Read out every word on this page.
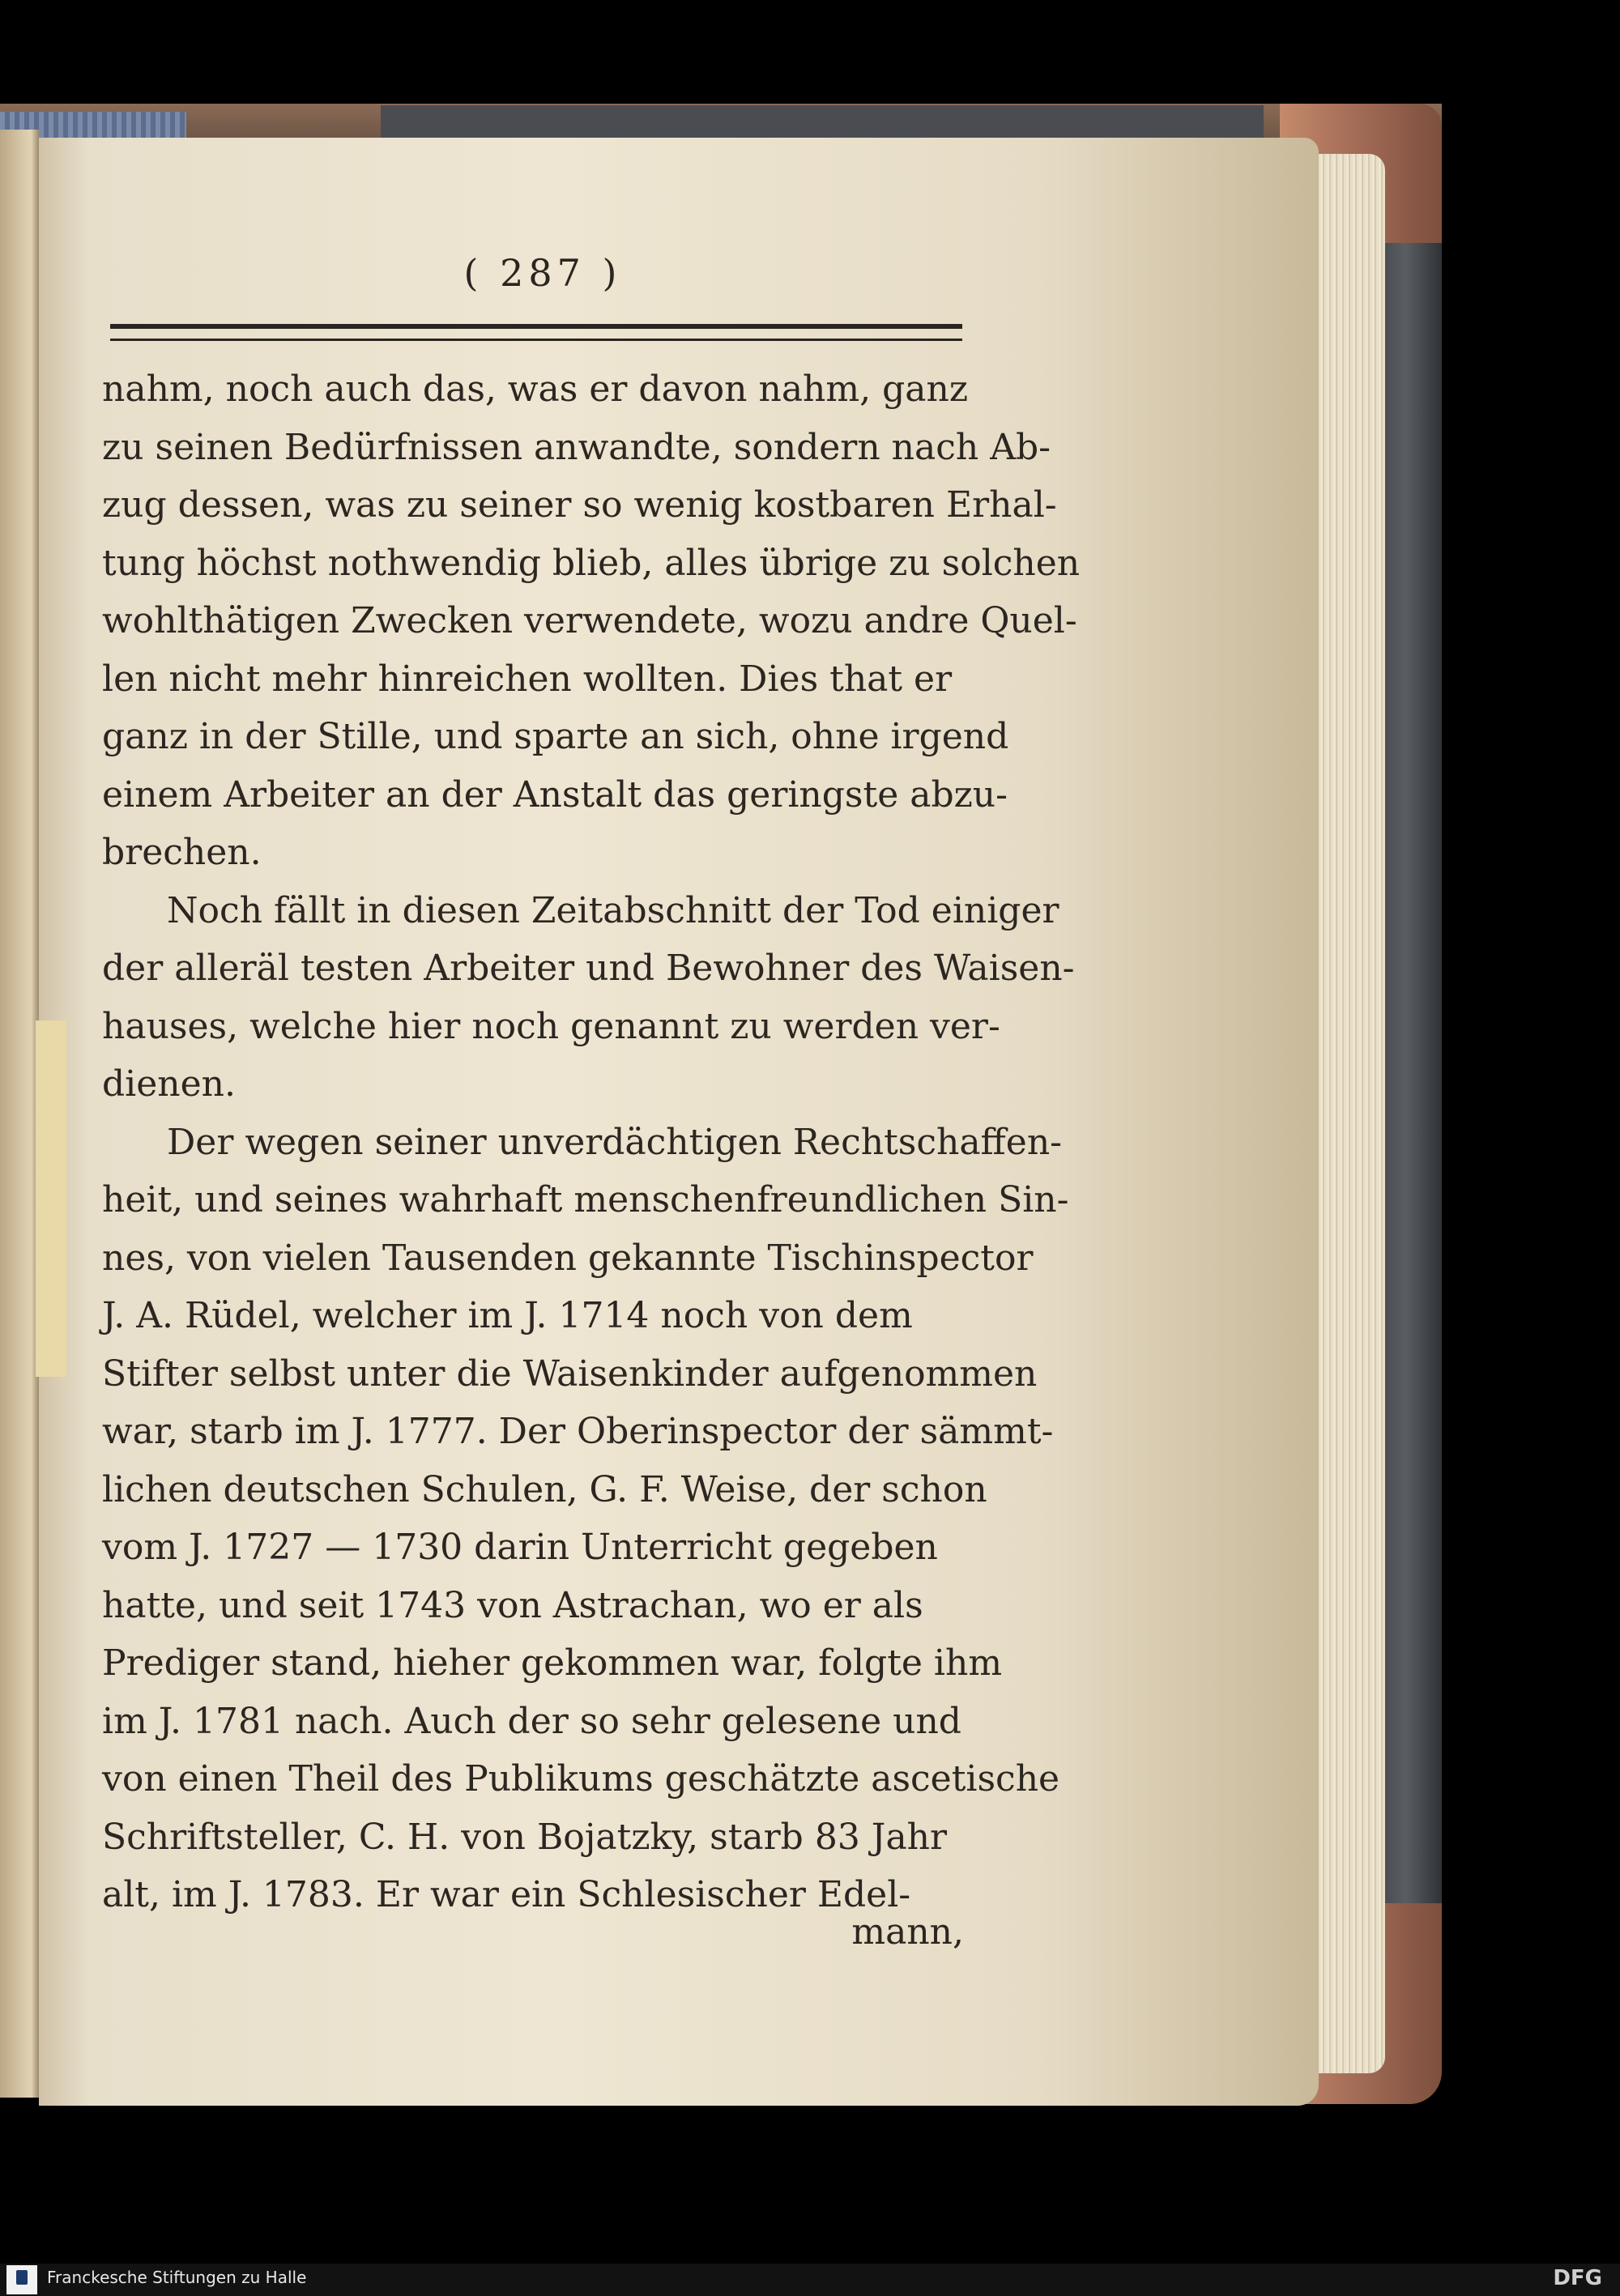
( 287 )
nahm, noch auch das, was er davon nahm, ganz
zu seinen Bedürfnissen anwandte, sondern nach Ab-
zug dessen, was zu seiner so wenig kostbaren Erhal-
tung höchst nothwendig blieb, alles übrige zu solchen
wohlthätigen Zwecken verwendete, wozu andre Quel-
len nicht mehr hinreichen wollten. Dies that er
ganz in der Stille, und sparte an sich, ohne irgend
einem Arbeiter an der Anstalt das geringste abzu-
brechen.
Noch fällt in diesen Zeitabschnitt der Tod einiger
der alleräl testen Arbeiter und Bewohner des Waisen-
hauses, welche hier noch genannt zu werden ver-
dienen.
Der wegen seiner unverdächtigen Rechtschaffen-
heit, und seines wahrhaft menschenfreundlichen Sin-
nes, von vielen Tausenden gekannte Tischinspector
J. A. Rüdel, welcher im J. 1714 noch von dem
Stifter selbst unter die Waisenkinder aufgenommen
war, starb im J. 1777. Der Oberinspector der sämmt-
lichen deutschen Schulen, G. F. Weise, der schon
vom J. 1727 — 1730 darin Unterricht gegeben
hatte, und seit 1743 von Astrachan, wo er als
Prediger stand, hieher gekommen war, folgte ihm
im J. 1781 nach. Auch der so sehr gelesene und
von einen Theil des Publikums geschätzte ascetische
Schriftsteller, C. H. von Bojatzky, starb 83 Jahr
alt, im J. 1783. Er war ein Schlesischer Edel-
mann,
Franckesche Stiftungen zu Halle	DFG
